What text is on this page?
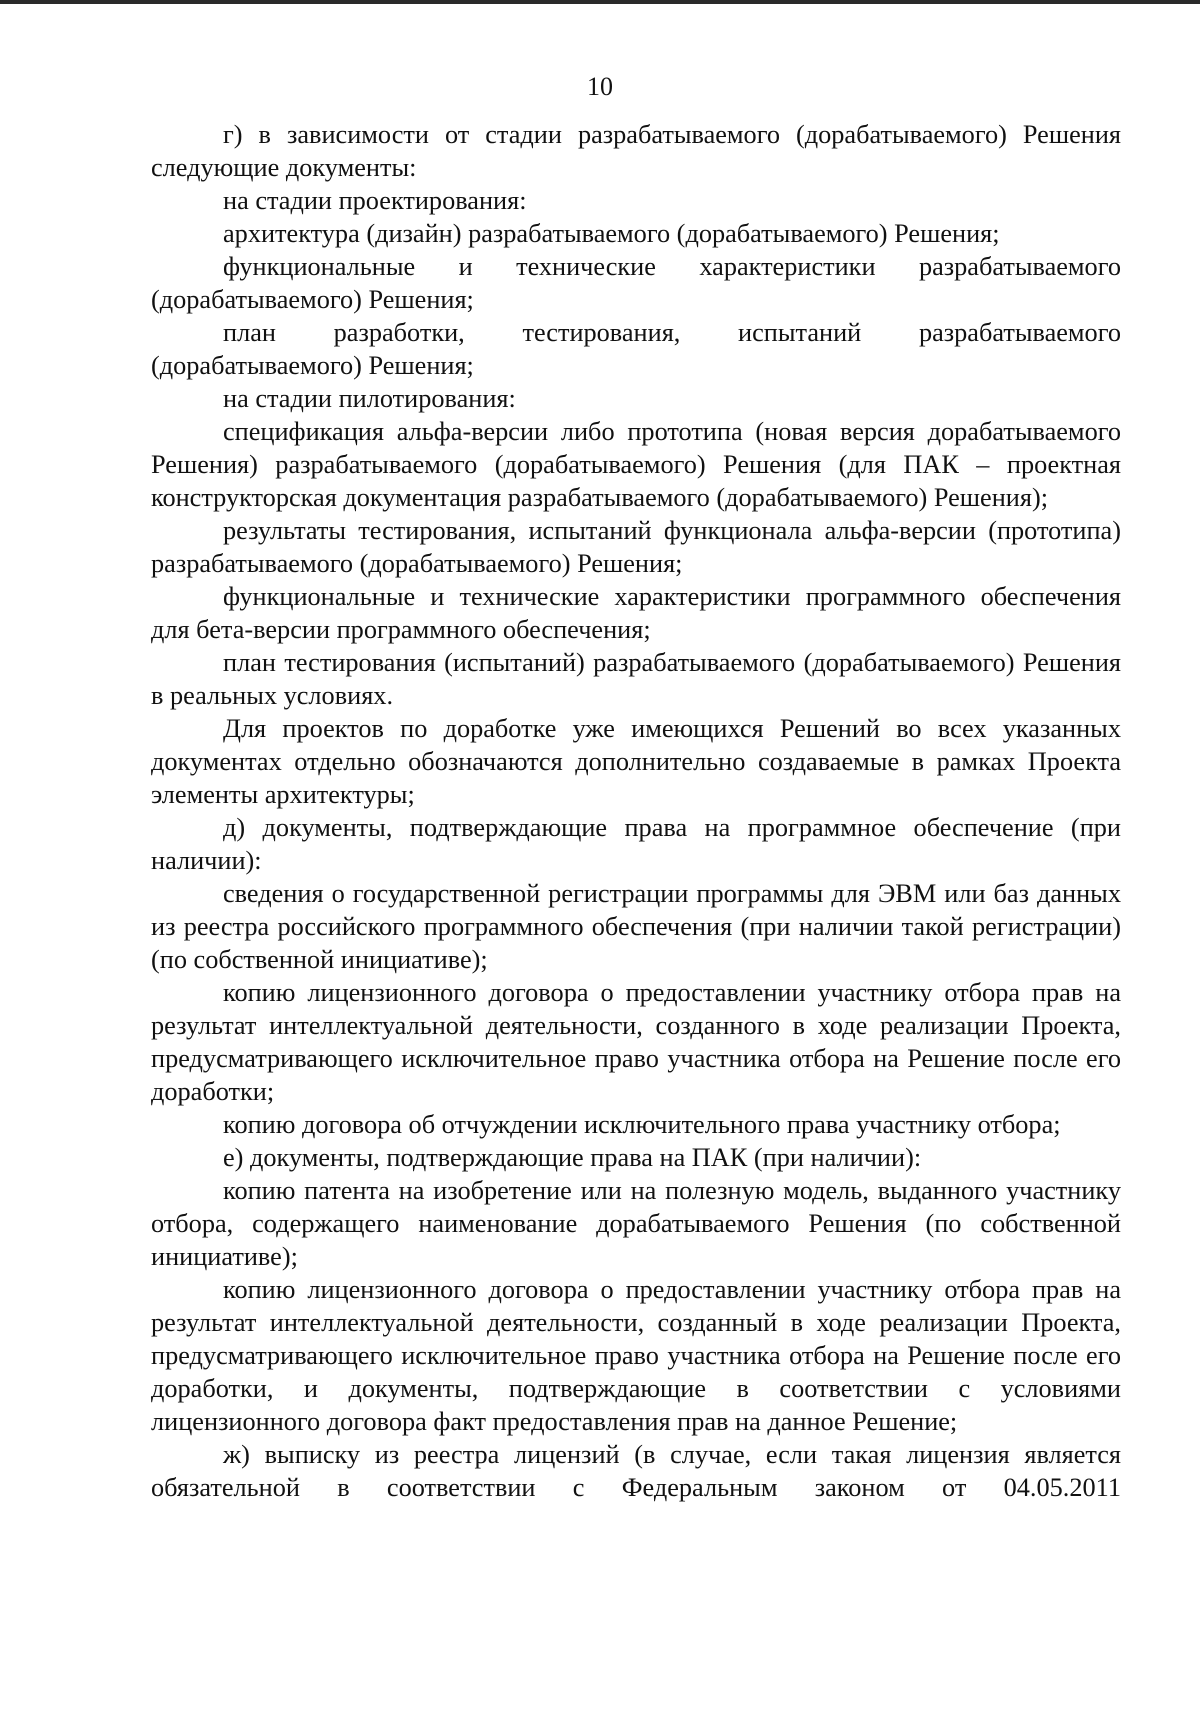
10

г) в зависимости от стадии разрабатываемого (дорабатываемого) Решения следующие документы:

на стадии проектирования:

архитектура (дизайн) разрабатываемого (дорабатываемого) Решения;

функциональные и технические характеристики разрабатываемого (дорабатываемого) Решения;

план разработки, тестирования, испытаний разрабатываемого (дорабатываемого) Решения;

на стадии пилотирования:

спецификация альфа-версии либо прототипа (новая версия дорабатываемого Решения) разрабатываемого (дорабатываемого) Решения (для ПАК – проектная конструкторская документация разрабатываемого (дорабатываемого) Решения);

результаты тестирования, испытаний функционала альфа-версии (прототипа) разрабатываемого (дорабатываемого) Решения;

функциональные и технические характеристики программного обеспечения для бета-версии программного обеспечения;

план тестирования (испытаний) разрабатываемого (дорабатываемого) Решения в реальных условиях.

Для проектов по доработке уже имеющихся Решений во всех указанных документах отдельно обозначаются дополнительно создаваемые в рамках Проекта элементы архитектуры;

д) документы, подтверждающие права на программное обеспечение (при наличии):

сведения о государственной регистрации программы для ЭВМ или баз данных из реестра российского программного обеспечения (при наличии такой регистрации) (по собственной инициативе);

копию лицензионного договора о предоставлении участнику отбора прав на результат интеллектуальной деятельности, созданного в ходе реализации Проекта, предусматривающего исключительное право участника отбора на Решение после его доработки;

копию договора об отчуждении исключительного права участнику отбора;

е) документы, подтверждающие права на ПАК (при наличии):

копию патента на изобретение или на полезную модель, выданного участнику отбора, содержащего наименование дорабатываемого Решения (по собственной инициативе);

копию лицензионного договора о предоставлении участнику отбора прав на результат интеллектуальной деятельности, созданный в ходе реализации Проекта, предусматривающего исключительное право участника отбора на Решение после его доработки, и документы, подтверждающие в соответствии с условиями лицензионного договора факт предоставления прав на данное Решение;

ж) выписку из реестра лицензий (в случае, если такая лицензия является обязательной в соответствии с Федеральным законом от 04.05.2011
